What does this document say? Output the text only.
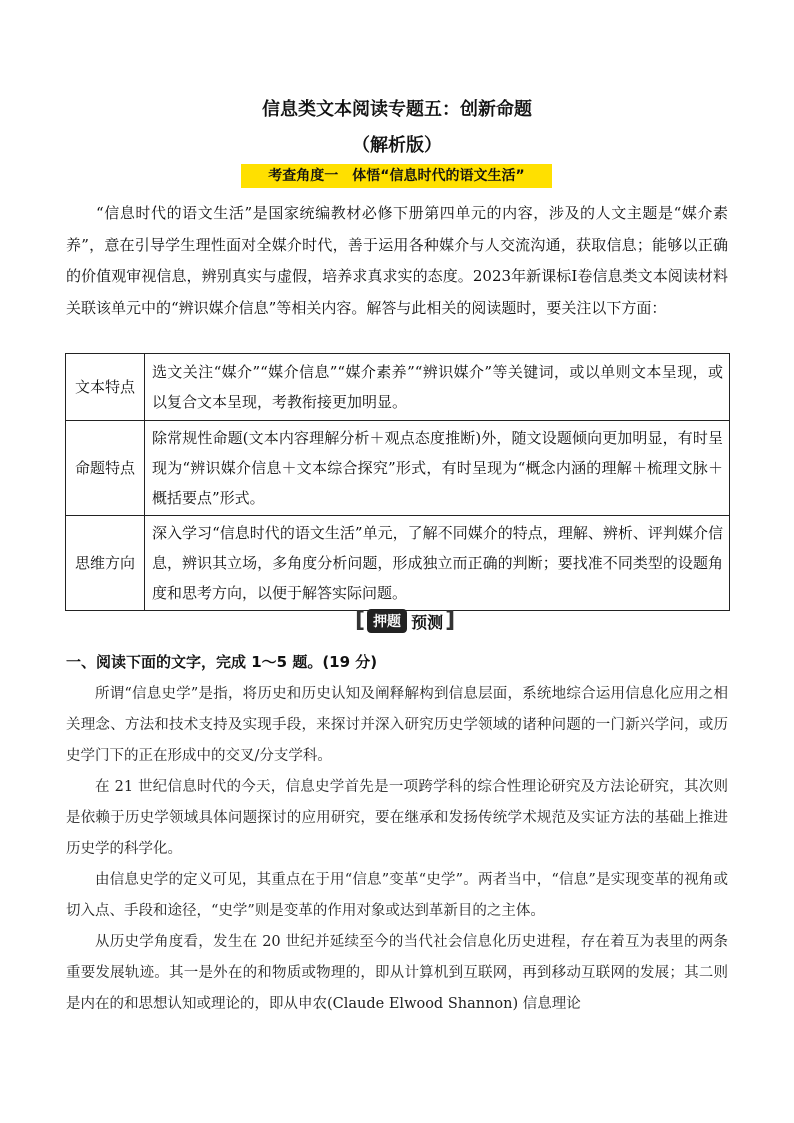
信息类文本阅读专题五：创新命题
（解析版）
考查角度一　体悟“信息时代的语文生活”

“信息时代的语文生活”是国家统编教材必修下册第四单元的内容，涉及的人文主题是“媒介素养”，意在引导学生理性面对全媒介时代，善于运用各种媒介与人交流沟通，获取信息；能够以正确的价值观审视信息，辨别真实与虚假，培养求真求实的态度。2023年新课标Ⅰ卷信息类文本阅读材料关联该单元中的“辨识媒介信息”等相关内容。解答与此相关的阅读题时，要关注以下方面：

文本特点	选文关注“媒介”“媒介信息”“媒介素养”“辨识媒介”等关键词，或以单则文本呈现，或以复合文本呈现，考教衔接更加明显。
命题特点	除常规性命题(文本内容理解分析＋观点态度推断)外，随文设题倾向更加明显，有时呈现为“辨识媒介信息＋文本综合探究”形式，有时呈现为“概念内涵的理解＋梳理文脉＋概括要点”形式。
思维方向	深入学习“信息时代的语文生活”单元，了解不同媒介的特点，理解、辨析、评判媒介信息，辨识其立场，多角度分析问题，形成独立而正确的判断；要找准不同类型的设题角度和思考方向，以便于解答实际问题。
[ 押题 预测 ]
一、阅读下面的文字，完成 1～5 题。(19 分)

所谓“信息史学”是指，将历史和历史认知及阐释解构到信息层面，系统地综合运用信息化应用之相关理念、方法和技术支持及实现手段，来探讨并深入研究历史学领域的诸种问题的一门新兴学问，或历史学门下的正在形成中的交叉/分支学科。

在 21 世纪信息时代的今天，信息史学首先是一项跨学科的综合性理论研究及方法论研究，其次则是依赖于历史学领域具体问题探讨的应用研究，要在继承和发扬传统学术规范及实证方法的基础上推进历史学的科学化。

由信息史学的定义可见，其重点在于用“信息”变革“史学”。两者当中，“信息”是实现变革的视角或切入点、手段和途径，“史学”则是变革的作用对象或达到革新目的之主体。

从历史学角度看，发生在 20 世纪并延续至今的当代社会信息化历史进程，存在着互为表里的两条重要发展轨迹。其一是外在的和物质或物理的，即从计算机到互联网，再到移动互联网的发展；其二则是内在的和思想认知或理论的，即从申农(Claude Elwood Shannon) 信息理论
